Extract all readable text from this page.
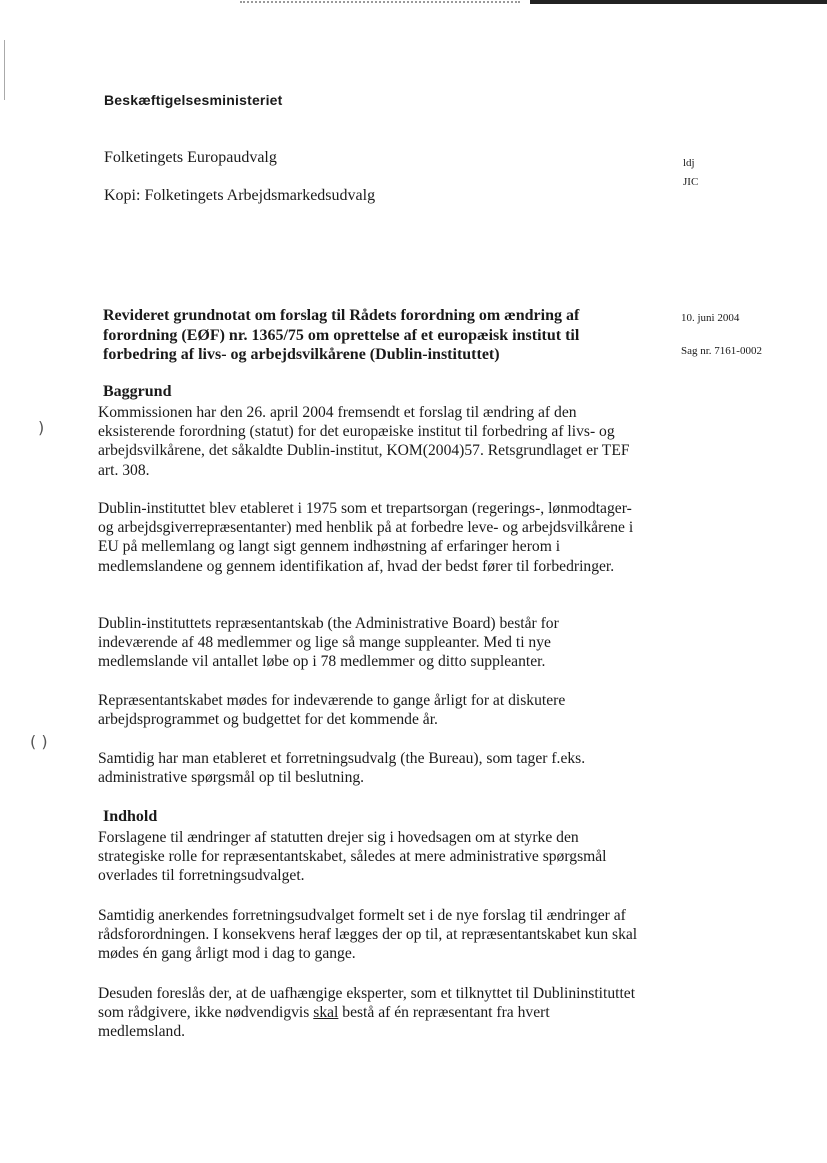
)
( )
Beskæftigelsesministeriet
Folketingets Europaudvalg
Kopi: Folketingets Arbejdsmarkedsudvalg
ldj
JIC
10. juni 2004
Sag nr. 7161-0002
Revideret grundnotat om forslag til Rådets forordning om ændring af forordning (EØF) nr. 1365/75 om oprettelse af et europæisk institut til forbedring af livs- og arbejdsvilkårene (Dublin-instituttet)
Baggrund

Kommissionen har den 26. april 2004 fremsendt et forslag til ændring af den eksisterende forordning (statut) for det europæiske institut til forbedring af livs- og arbejdsvilkårene, det såkaldte Dublin-institut, KOM(2004)57. Retsgrundlaget er TEF art. 308.

Dublin-instituttet blev etableret i 1975 som et trepartsorgan (regerings-, lønmodtager- og arbejdsgiverrepræsentanter) med henblik på at forbedre leve- og arbejdsvilkårene i EU på mellemlang og langt sigt gennem indhøstning af erfaringer herom i medlemslandene og gennem identifikation af, hvad der bedst fører til forbedringer.

Dublin-instituttets repræsentantskab (the Administrative Board) består for indeværende af 48 medlemmer og lige så mange suppleanter. Med ti nye medlemslande vil antallet løbe op i 78 medlemmer og ditto suppleanter.

Repræsentantskabet mødes for indeværende to gange årligt for at diskutere arbejdsprogrammet og budgettet for det kommende år.

Samtidig har man etableret et forretningsudvalg (the Bureau), som tager f.eks. administrative spørgsmål op til beslutning.

Indhold

Forslagene til ændringer af statutten drejer sig i hovedsagen om at styrke den strategiske rolle for repræsentantskabet, således at mere administrative spørgsmål overlades til forretningsudvalget.

Samtidig anerkendes forretningsudvalget formelt set i de nye forslag til ændringer af rådsforordningen. I konsekvens heraf lægges der op til, at repræsentantskabet kun skal mødes én gang årligt mod i dag to gange.

Desuden foreslås der, at de uafhængige eksperter, som et tilknyttet til Dublininstituttet som rådgivere, ikke nødvendigvis skal bestå af én repræsentant fra hvert medlemsland.
